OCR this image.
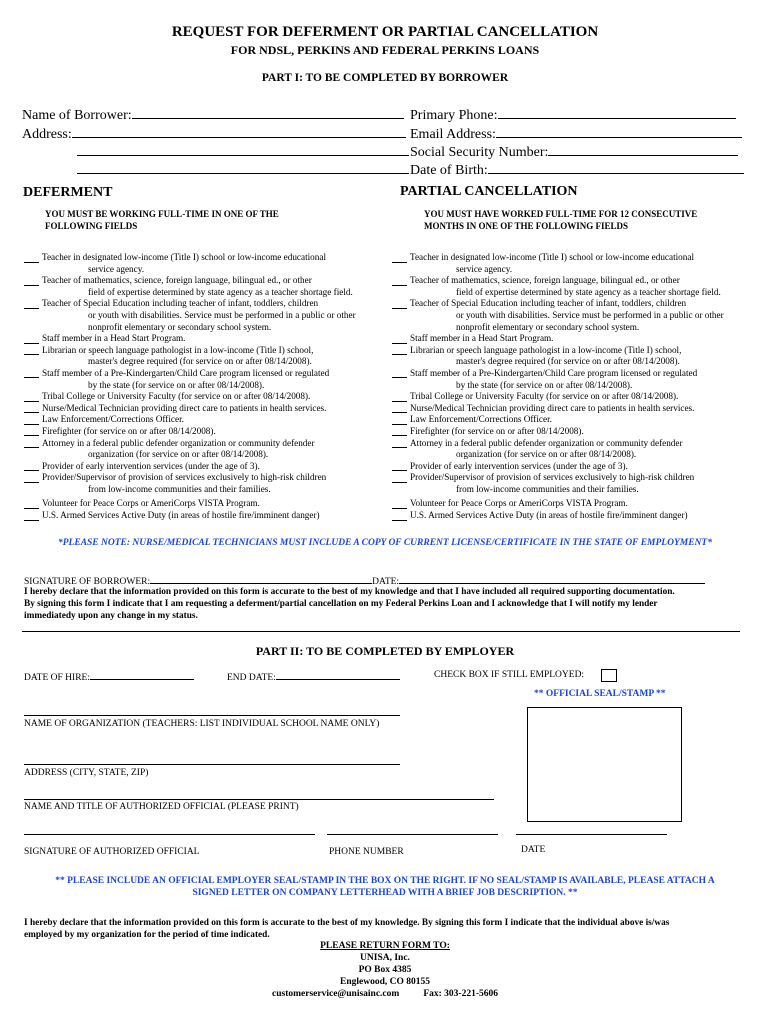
REQUEST FOR DEFERMENT OR PARTIAL CANCELLATION
FOR NDSL, PERKINS AND FEDERAL PERKINS LOANS
PART I: TO BE COMPLETED BY BORROWER
Name of Borrower:
Address:
Primary Phone:
Email Address:
Social Security Number:
Date of Birth:
DEFERMENT	PARTIAL CANCELLATION
YOU MUST BE WORKING FULL-TIME IN ONE OF THE
FOLLOWING FIELDS
YOU MUST HAVE WORKED FULL-TIME FOR 12 CONSECUTIVE
MONTHS IN ONE OF THE FOLLOWING FIELDS
Teacher in designated low-income (Title I) school or low-income educational
service agency.
Teacher of mathematics, science, foreign language, bilingual ed., or other
field of expertise determined by state agency as a teacher shortage field.
Teacher of Special Education including teacher of infant, toddlers, children
or youth with disabilities. Service must be performed in a public or other
nonprofit elementary or secondary school system.
Staff member in a Head Start Program.
Librarian or speech language pathologist in a low-income (Title I) school,
master's degree required (for service on or after 08/14/2008).
Staff member of a Pre-Kindergarten/Child Care program licensed or regulated
by the state (for service on or after 08/14/2008).
Tribal College or University Faculty (for service on or after 08/14/2008).
Nurse/Medical Technician providing direct care to patients in health services.
Law Enforcement/Corrections Officer.
Firefighter (for service on or after 08/14/2008).
Attorney in a federal public defender organization or community defender
organization (for service on or after 08/14/2008).
Provider of early intervention services (under the age of 3).
Provider/Supervisor of provision of services exclusively to high-risk children
from low-income communities and their families.
Volunteer for Peace Corps or AmeriCorps VISTA Program.
U.S. Armed Services Active Duty (in areas of hostile fire/imminent danger)
Teacher in designated low-income (Title I) school or low-income educational
service agency.
Teacher of mathematics, science, foreign language, bilingual ed., or other
field of expertise determined by state agency as a teacher shortage field.
Teacher of Special Education including teacher of infant, toddlers, children
or youth with disabilities. Service must be performed in a public or other
nonprofit elementary or secondary school system.
Staff member in a Head Start Program.
Librarian or speech language pathologist in a low-income (Title I) school,
master's degree required (for service on or after 08/14/2008).
Staff member of a Pre-Kindergarten/Child Care program licensed or regulated
by the state (for service on or after 08/14/2008).
Tribal College or University Faculty (for service on or after 08/14/2008).
Nurse/Medical Technician providing direct care to patients in health services.
Law Enforcement/Corrections Officer.
Firefighter (for service on or after 08/14/2008).
Attorney in a federal public defender organization or community defender
organization (for service on or after 08/14/2008).
Provider of early intervention services (under the age of 3).
Provider/Supervisor of provision of services exclusively to high-risk children
from low-income communities and their families.
Volunteer for Peace Corps or AmeriCorps VISTA Program.
U.S. Armed Services Active Duty (in areas of hostile fire/imminent danger)
*PLEASE NOTE: NURSE/MEDICAL TECHNICIANS MUST INCLUDE A COPY OF CURRENT LICENSE/CERTIFICATE IN THE STATE OF EMPLOYMENT*
SIGNATURE OF BORROWER:	DATE:
I hereby declare that the information provided on this form is accurate to the best of my knowledge and that I have included all required supporting documentation.
By signing this form I indicate that I am requesting a deferment/partial cancellation on my Federal Perkins Loan and I acknowledge that I will notify my lender
immediatedy upon any change in my status.
PART II: TO BE COMPLETED BY EMPLOYER
DATE OF HIRE:	END DATE:	CHECK BOX IF STILL EMPLOYED:
** OFFICIAL SEAL/STAMP **
NAME OF ORGANIZATION (TEACHERS: LIST INDIVIDUAL SCHOOL NAME ONLY)
ADDRESS (CITY, STATE, ZIP)
NAME AND TITLE OF AUTHORIZED OFFICIAL (PLEASE PRINT)
SIGNATURE OF AUTHORIZED OFFICIAL	PHONE NUMBER	DATE
** PLEASE INCLUDE AN OFFICIAL EMPLOYER SEAL/STAMP IN THE BOX ON THE RIGHT. IF NO SEAL/STAMP IS AVAILABLE, PLEASE ATTACH A
SIGNED LETTER ON COMPANY LETTERHEAD WITH A BRIEF JOB DESCRIPTION. **
I hereby declare that the information provided on this form is accurate to the best of my knowledge. By signing this form I indicate that the individual above is/was
employed by my organization for the period of time indicated.
PLEASE RETURN FORM TO:
UNISA, Inc.
PO Box 4385
Englewood, CO 80155
customerservice@unisainc.com	Fax: 303-221-5606
